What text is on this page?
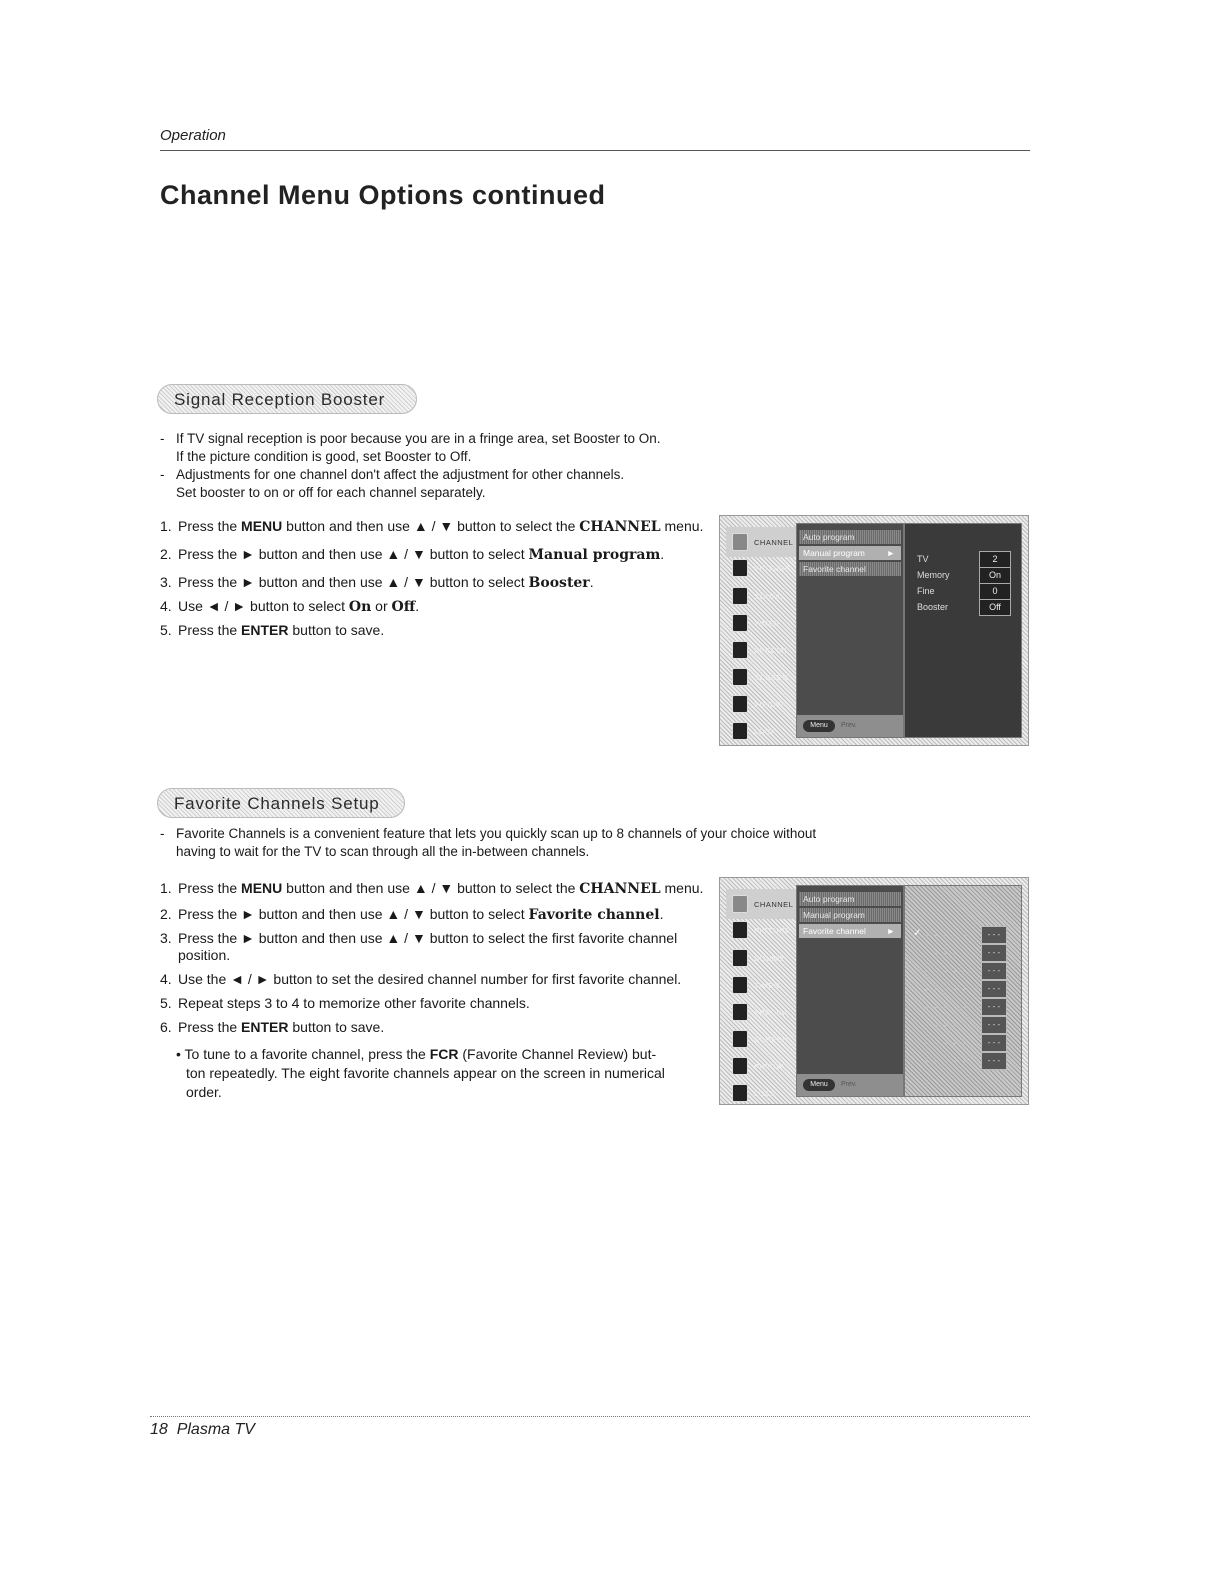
Operation
Channel Menu Options continued
Signal Reception Booster
- If TV signal reception is poor because you are in a fringe area, set Booster to On.
If the picture condition is good, set Booster to Off.
- Adjustments for one channel don't affect the adjustment for other channels.
Set booster to on or off for each channel separately.
1. Press the MENU button and then use ▲ / ▼ button to select the CHANNEL menu.
2. Press the ► button and then use ▲ / ▼ button to select Manual program.
3. Press the ► button and then use ▲ / ▼ button to select Booster.
4. Use ◄ / ► button to select On or Off.
5. Press the ENTER button to save.
CHANNEL
PICTURE
SOUND
TIMER
SPECIAL
SCREEN
PIP/DW
LOCK
Auto program
Manual program	►
Favorite channel
Menu	Prev.
TV	2
Memory	On
Fine	0
Booster	Off
Favorite Channels Setup
- Favorite Channels is a convenient feature that lets you quickly scan up to 8 channels of your choice without
having to wait for the TV to scan through all the in-between channels.
1. Press the MENU button and then use ▲ / ▼ button to select the CHANNEL menu.
2. Press the ► button and then use ▲ / ▼ button to select Favorite channel.
3. Press the ► button and then use ▲ / ▼ button to select the first favorite channel
position.
4. Use the ◄ / ► button to set the desired channel number for first favorite channel.
5. Repeat steps 3 to 4 to memorize other favorite channels.
6. Press the ENTER button to save.
• To tune to a favorite channel, press the FCR (Favorite Channel Review) but-
ton repeatedly. The eight favorite channels appear on the screen in numerical
order.
CHANNEL
PICTURE
SOUND
TIMER
SPECIAL
SCREEN
PIP/DW
LOCK
Auto program
Manual program
Favorite channel ►
Menu	Prev.
✓ - - - - -	- - -
- - - - -	- - -
- - - - -	- - -
- - - - -	- - -
- - - - -	- - -
- - - - -	- - -
- - - - -	- - -
- - - - -	- - -
18 Plasma TV
